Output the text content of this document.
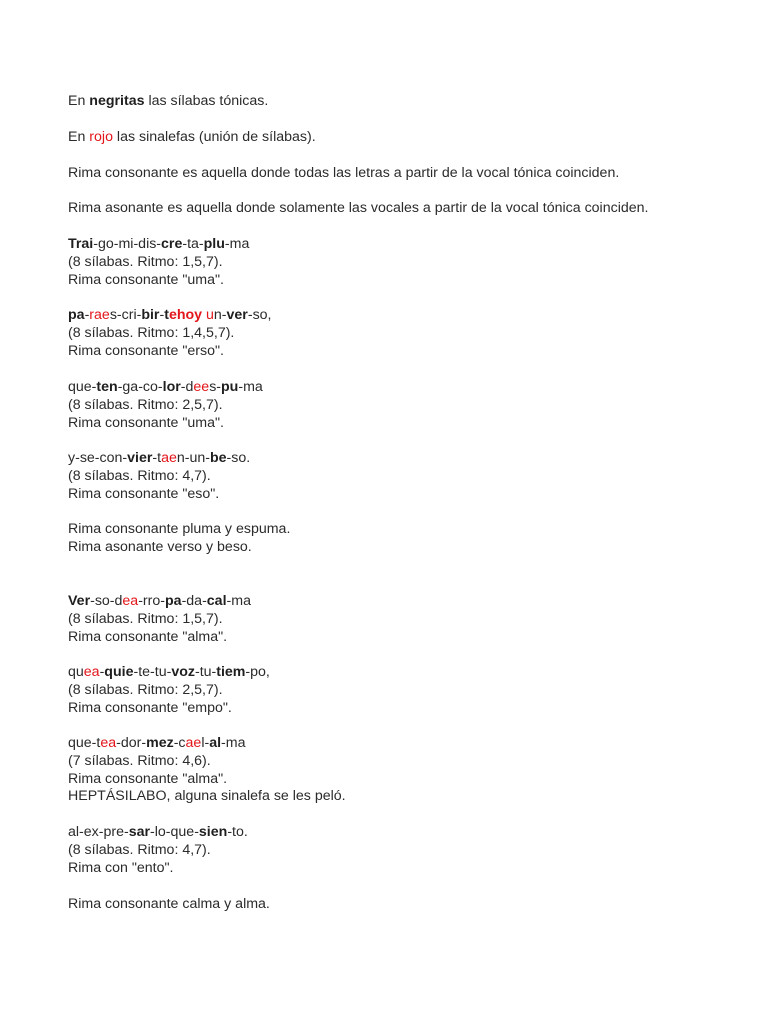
En negritas las sílabas tónicas.

En rojo las sinalefas (unión de sílabas).

Rima consonante es aquella donde todas las letras a partir de la vocal tónica coinciden.

Rima asonante es aquella donde solamente las vocales a partir de la vocal tónica coinciden.

Trai-go-mi-dis-cre-ta-plu-ma
(8 sílabas. Ritmo: 1,5,7).
Rima consonante "uma".

pa-raes-cri-bir-tehoy un-ver-so,
(8 sílabas. Ritmo: 1,4,5,7).
Rima consonante "erso".

que-ten-ga-co-lor-dees-pu-ma
(8 sílabas. Ritmo: 2,5,7).
Rima consonante "uma".

y-se-con-vier-taen-un-be-so.
(8 sílabas. Ritmo: 4,7).
Rima consonante "eso".

Rima consonante pluma y espuma.
Rima asonante verso y beso.

Ver-so-dea-rro-pa-da-cal-ma
(8 sílabas. Ritmo: 1,5,7).
Rima consonante "alma".

quea-quie-te-tu-voz-tu-tiem-po,
(8 sílabas. Ritmo: 2,5,7).
Rima consonante "empo".

que-tea-dor-mez-cael-al-ma
(7 sílabas. Ritmo: 4,6).
Rima consonante "alma".
HEPTÁSILABO, alguna sinalefa se les peló.

al-ex-pre-sar-lo-que-sien-to.
(8 sílabas. Ritmo: 4,7).
Rima con "ento".

Rima consonante calma y alma.
